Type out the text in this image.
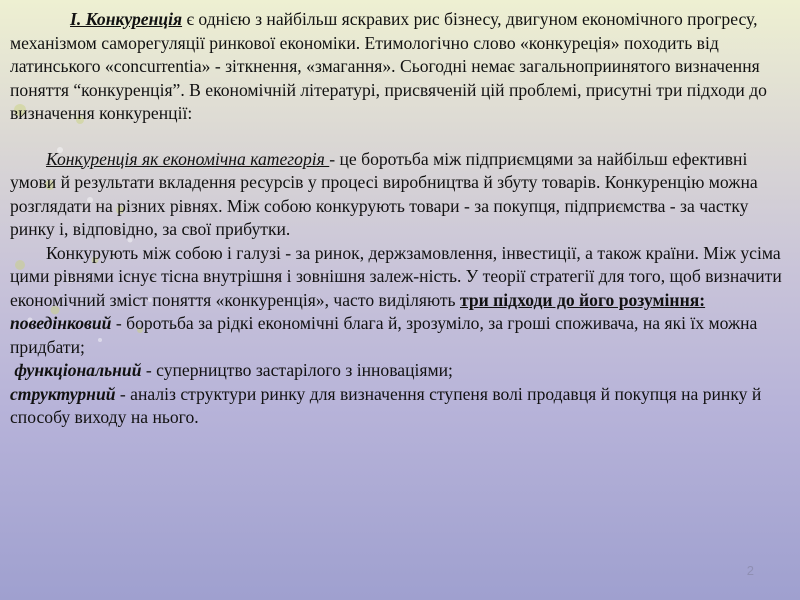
І. Конкуренція є однією з найбільш яскравих рис бізнесу, двигуном економічного прогресу, механізмом саморегуляції ринкової економіки. Етимологічно слово «конкуреція» походить від латинського «concurrentia» - зіткнення, «змагання». Сьогодні немає загальноприинятого визначення поняття “конкуренція”. В економічній літературі, присвяченій цій проблемі, присутні три підходи до визначення конкуренції:

Конкуренція як економічна категорія - це боротьба між підприємцями за найбільш ефективні умови й результати вкладення ресурсів у процесі виробництва й збуту товарів. Конкуренцію можна розглядати на різних рівнях. Між собою конкурують товари - за покупця, підприємства - за частку ринку і, відповідно, за свої прибутки.

Конкурують між собою і галузі - за ринок, держзамовлення, інвестиції, а також країни. Між усіма цими рівнями існує тісна внутрішня і зовнішня залеж-ність. У теорії стратегії для того, щоб визначити економічний зміст поняття «конкуренція», часто виділяють три підходи до його розуміння:

поведінковий - боротьба за рідкі економічні блага й, зрозуміло, за гроші споживача, на які їх можна придбати;

функціональний - суперництво застарілого з інноваціями;

структурний - аналіз структури ринку для визначення ступеня волі продавця й покупця на ринку й способу виходу на нього.

2
